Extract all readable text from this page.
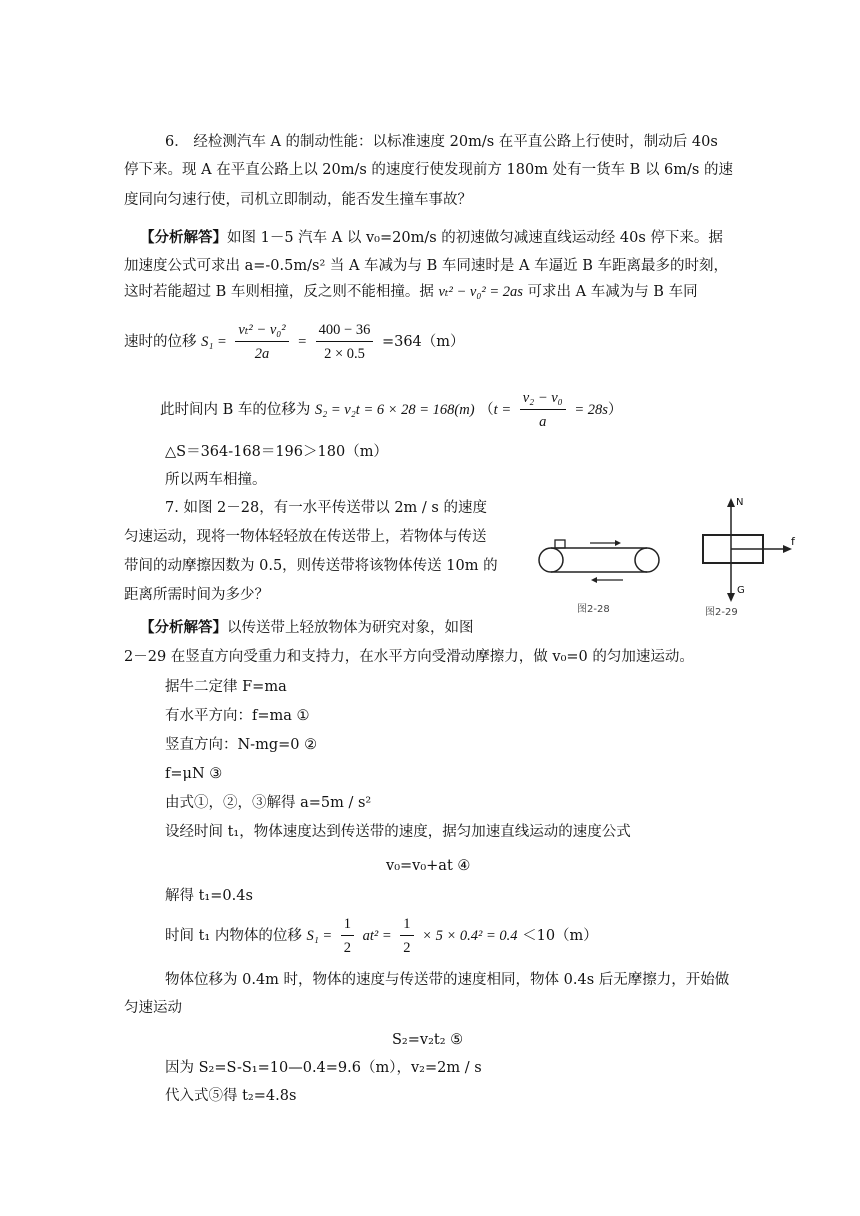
6． 经检测汽车 A 的制动性能：以标准速度 20m/s 在平直公路上行使时，制动后 40s
停下来。现 A 在平直公路上以 20m/s 的速度行使发现前方 180m 处有一货车 B 以 6m/s 的速
度同向匀速行使，司机立即制动，能否发生撞车事故？
【分析解答】如图 1－5 汽车 A 以 v₀=20m/s 的初速做匀减速直线运动经 40s 停下来。据
加速度公式可求出 a=-0.5m/s² 当 A 车减为与 B 车同速时是 A 车逼近 B 车距离最多的时刻，
这时若能超过 B 车则相撞，反之则不能相撞。据 vₜ² − v₀² = 2as 可求出 A 车减为与 B 车同
速时的位移 $S_1 = \frac{\text{vₜ² − v₀²}}{2a} = \frac{400 - 36}{2 \times 0.5} =364(m)$
此时间内 B 车的位移为 S₂ = v₂t = 6 × 28 = 168(m) $(t = \frac{\text{v₂ − v₀}}{a} = 28s)$
△S＝364-168＝196＞180（m）
所以两车相撞。
7. 如图 2－28，有一水平传送带以 2m / s 的速度
匀速运动，现将一物体轻轻放在传送带上，若物体与传送
带间的动摩擦因数为 0.5，则传送带将该物体传送 10m 的
距离所需时间为多少？
图2-28
N
f
G
图2-29
【分析解答】以传送带上轻放物体为研究对象，如图
2－29 在竖直方向受重力和支持力，在水平方向受滑动摩擦力，做 v₀=0 的匀加速运动。
据牛二定律 F=ma
有水平方向：f=ma ①
竖直方向：N-mg=0 ②
f=μN ③
由式①，②，③解得 a=5m / s²
设经时间 t₁，物体速度达到传送带的速度，据匀加速直线运动的速度公式
v₀=v₀+at ④
解得 t₁=0.4s
时间 t₁ 内物体的位移 $S_1 = \frac{1}{2} at^2 = \frac{1}{2} \times 5 \times 0.4^2 = 0.4 <10(m)$
物体位移为 0.4m 时，物体的速度与传送带的速度相同，物体 0.4s 后无摩擦力，开始做
匀速运动
S₂=v₂t₂ ⑤
因为 S₂=S-S₁=10—0.4=9.6（m），v₂=2m / s
代入式⑤得 t₂=4.8s
